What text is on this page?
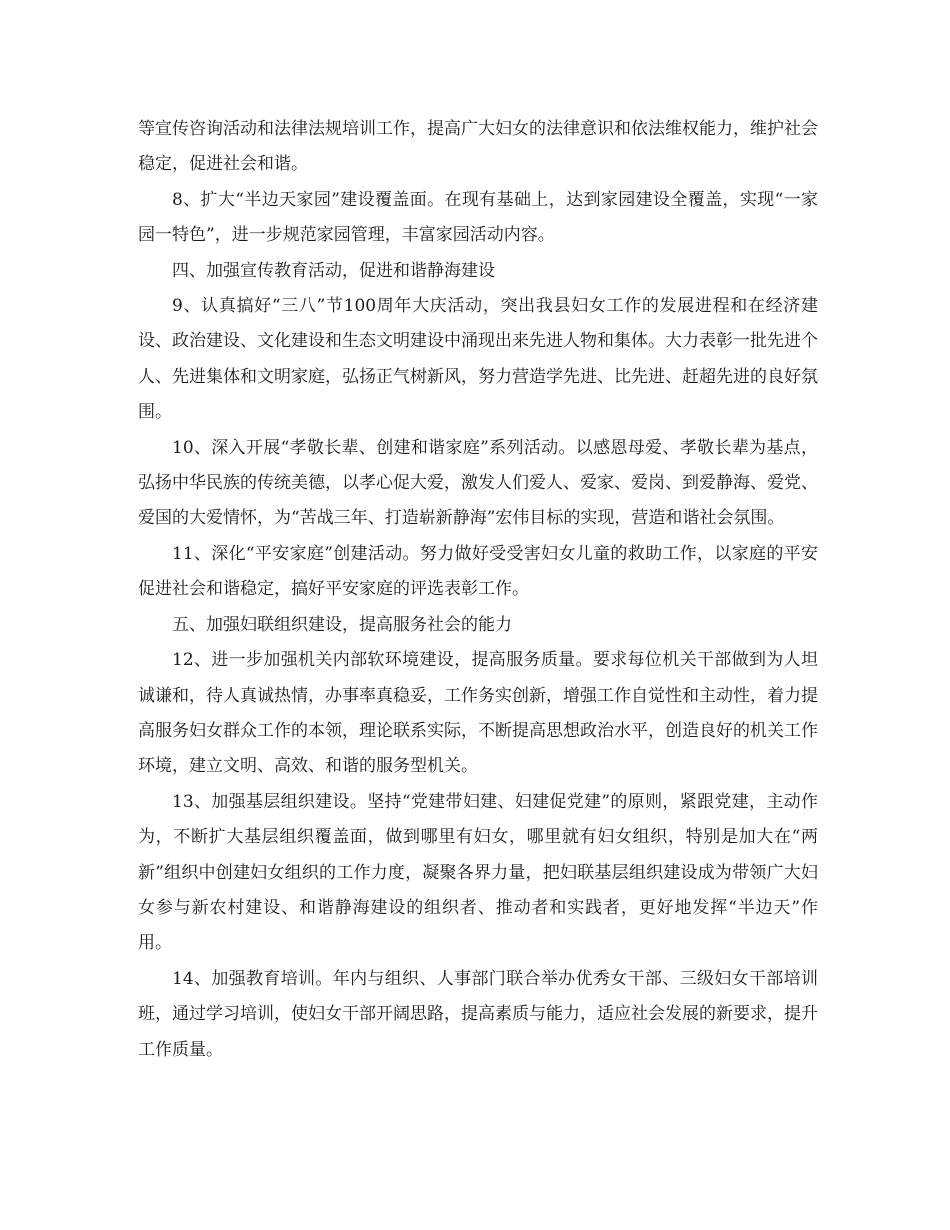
等宣传咨询活动和法律法规培训工作，提高广大妇女的法律意识和依法维权能力，维护社会稳定，促进社会和谐。

8、扩大“半边天家园”建设覆盖面。在现有基础上，达到家园建设全覆盖，实现“一家园一特色”，进一步规范家园管理，丰富家园活动内容。

四、加强宣传教育活动，促进和谐静海建设

9、认真搞好“三八”节100周年大庆活动，突出我县妇女工作的发展进程和在经济建设、政治建设、文化建设和生态文明建设中涌现出来先进人物和集体。大力表彰一批先进个人、先进集体和文明家庭，弘扬正气树新风，努力营造学先进、比先进、赶超先进的良好氛围。

10、深入开展“孝敬长辈、创建和谐家庭”系列活动。以感恩母爱、孝敬长辈为基点，弘扬中华民族的传统美德，以孝心促大爱，激发人们爱人、爱家、爱岗、到爱静海、爱党、爱国的大爱情怀，为“苦战三年、打造崭新静海”宏伟目标的实现，营造和谐社会氛围。

11、深化“平安家庭”创建活动。努力做好受受害妇女儿童的救助工作，以家庭的平安促进社会和谐稳定，搞好平安家庭的评选表彰工作。

五、加强妇联组织建设，提高服务社会的能力

12、进一步加强机关内部软环境建设，提高服务质量。要求每位机关干部做到为人坦诚谦和，待人真诚热情，办事率真稳妥，工作务实创新，增强工作自觉性和主动性，着力提高服务妇女群众工作的本领，理论联系实际，不断提高思想政治水平，创造良好的机关工作环境，建立文明、高效、和谐的服务型机关。

13、加强基层组织建设。坚持“党建带妇建、妇建促党建”的原则，紧跟党建，主动作为，不断扩大基层组织覆盖面，做到哪里有妇女，哪里就有妇女组织，特别是加大在“两新”组织中创建妇女组织的工作力度，凝聚各界力量，把妇联基层组织建设成为带领广大妇女参与新农村建设、和谐静海建设的组织者、推动者和实践者，更好地发挥“半边天”作用。

14、加强教育培训。年内与组织、人事部门联合举办优秀女干部、三级妇女干部培训班，通过学习培训，使妇女干部开阔思路，提高素质与能力，适应社会发展的新要求，提升工作质量。
